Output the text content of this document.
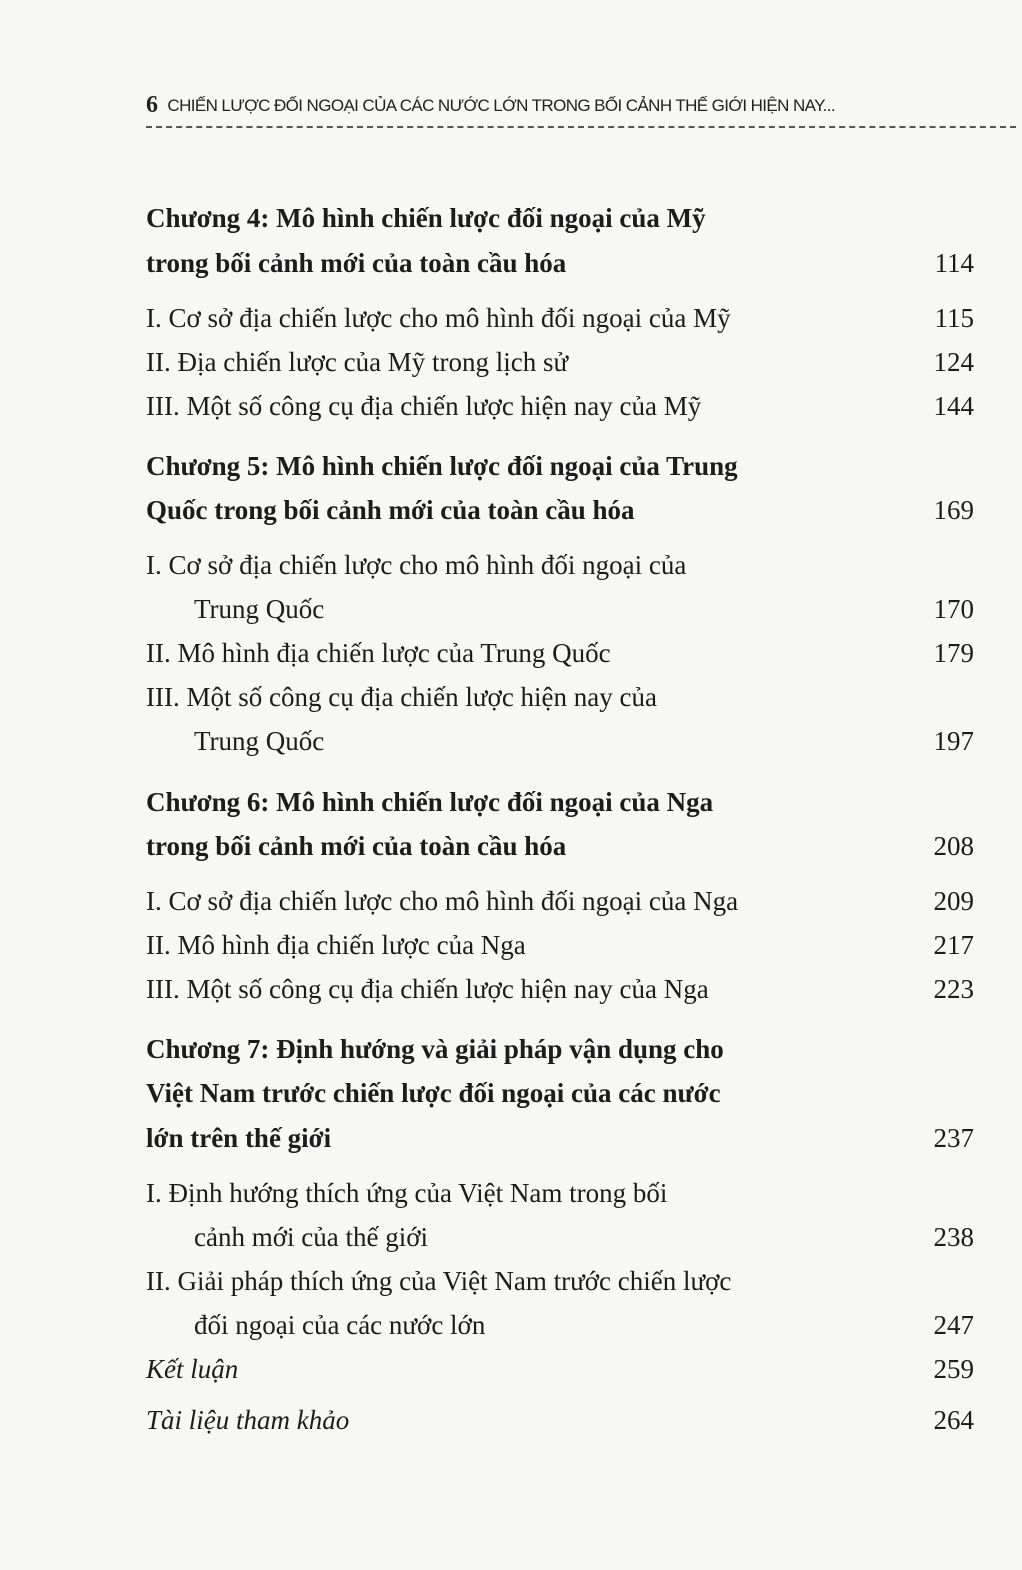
6 CHIẾN LƯỢC ĐỐI NGOẠI CỦA CÁC NƯỚC LỚN TRONG BỐI CẢNH THẾ GIỚI HIỆN NAY...
Chương 4: Mô hình chiến lược đối ngoại của Mỹ
trong bối cảnh mới của toàn cầu hóa	114
I. Cơ sở địa chiến lược cho mô hình đối ngoại của Mỹ	115
II. Địa chiến lược của Mỹ trong lịch sử	124
III. Một số công cụ địa chiến lược hiện nay của Mỹ	144
Chương 5: Mô hình chiến lược đối ngoại của Trung
Quốc trong bối cảnh mới của toàn cầu hóa	169
I. Cơ sở địa chiến lược cho mô hình đối ngoại của
Trung Quốc	170
II. Mô hình địa chiến lược của Trung Quốc	179
III. Một số công cụ địa chiến lược hiện nay của
Trung Quốc	197
Chương 6: Mô hình chiến lược đối ngoại của Nga
trong bối cảnh mới của toàn cầu hóa	208
I. Cơ sở địa chiến lược cho mô hình đối ngoại của Nga	209
II. Mô hình địa chiến lược của Nga	217
III. Một số công cụ địa chiến lược hiện nay của Nga	223
Chương 7: Định hướng và giải pháp vận dụng cho
Việt Nam trước chiến lược đối ngoại của các nước
lớn trên thế giới	237
I. Định hướng thích ứng của Việt Nam trong bối
cảnh mới của thế giới	238
II. Giải pháp thích ứng của Việt Nam trước chiến lược
đối ngoại của các nước lớn	247
Kết luận	259
Tài liệu tham khảo	264
